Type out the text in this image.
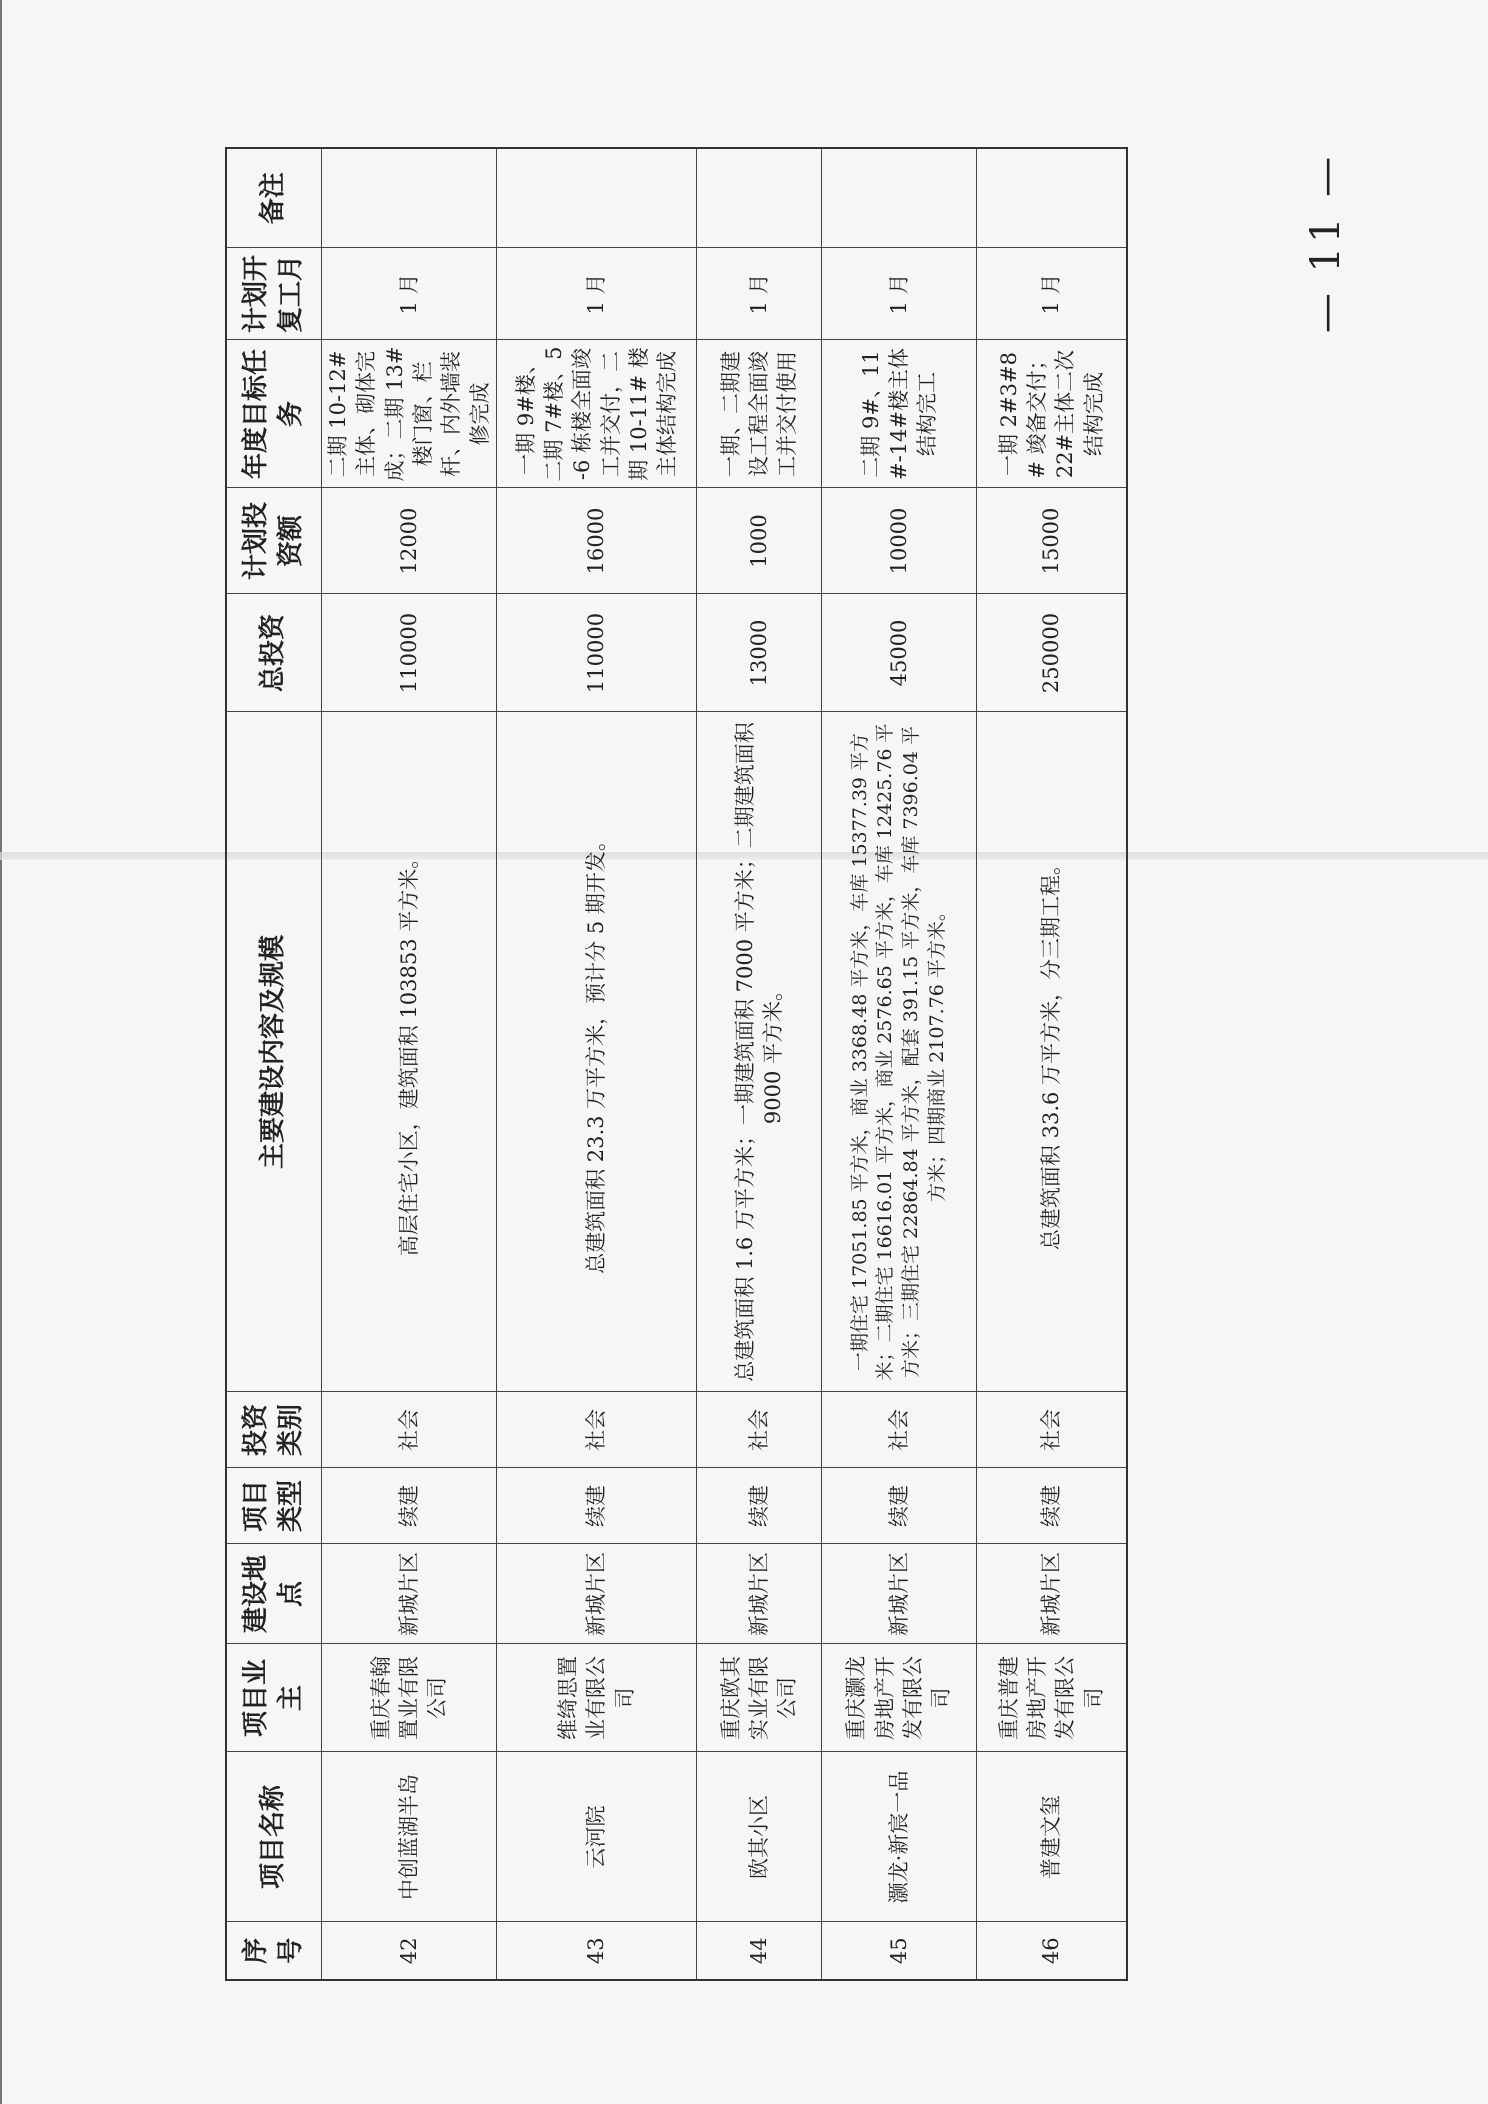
序号	项目名称	项目业主	建设地点	项目类型	投资类别	主要建设内容及规模	总投资	计划投资额	年度目标任务	计划开复工月	备注
42	中创蓝湖半岛	重庆春翰置业有限公司	新城片区	续建	社会	高层住宅小区，建筑面积 103853 平方米。	110000	12000	二期 10-12# 主体、砌体完成；二期 13# 楼门窗、栏杆、内外墙装修完成	1 月	
43	云河院	维绮思置业有限公司	新城片区	续建	社会	总建筑面积 23.3 万平方米，预计分 5 期开发。	110000	16000	一期 9#楼、二期 7#楼、5-6 栋楼全面竣工并交付，二期 10-11# 楼主体结构完成	1 月	
44	欧其小区	重庆欧其实业有限公司	新城片区	续建	社会	总建筑面积 1.6 万平方米；一期建筑面积 7000 平方米；二期建筑面积 9000 平方米。	13000	1000	一期、二期建设工程全面竣工并交付使用	1 月	
45	灏龙·新宸一品	重庆灏龙房地产开发有限公司	新城片区	续建	社会	一期住宅 17051.85 平方米，商业 3368.48 平方米，车库 15377.39 平方米；二期住宅 16616.01 平方米，商业 2576.65 平方米，车库 12425.76 平方米；三期住宅 22864.84 平方米，配套 391.15 平方米，车库 7396.04 平方米；四期商业 2107.76 平方米。	45000	10000	二期 9#、11#-14#楼主体结构完工	1 月	
46	普建文玺	重庆普建房地产开发有限公司	新城片区	续建	社会	总建筑面积 33.6 万平方米，分三期工程。	250000	15000	一期 2#3#8# 竣备交付；22#主体二次结构完成	1 月		— 11 —
